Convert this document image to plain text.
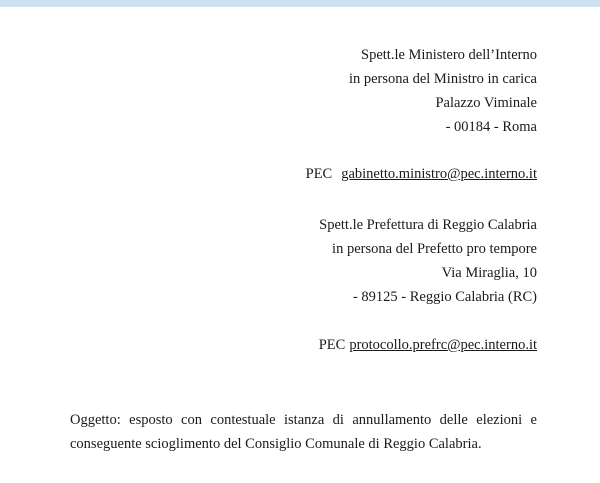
Spett.le Ministero dell’Interno
in persona del Ministro in carica
Palazzo Viminale
- 00184 - Roma
PEC gabinetto.ministro@pec.interno.it
Spett.le Prefettura di Reggio Calabria
in persona del Prefetto pro tempore
Via Miraglia, 10
- 89125 - Reggio Calabria (RC)
PEC protocollo.prefrc@pec.interno.it
Oggetto: esposto con contestuale istanza di annullamento delle elezioni e
conseguente scioglimento del Consiglio Comunale di Reggio Calabria.
